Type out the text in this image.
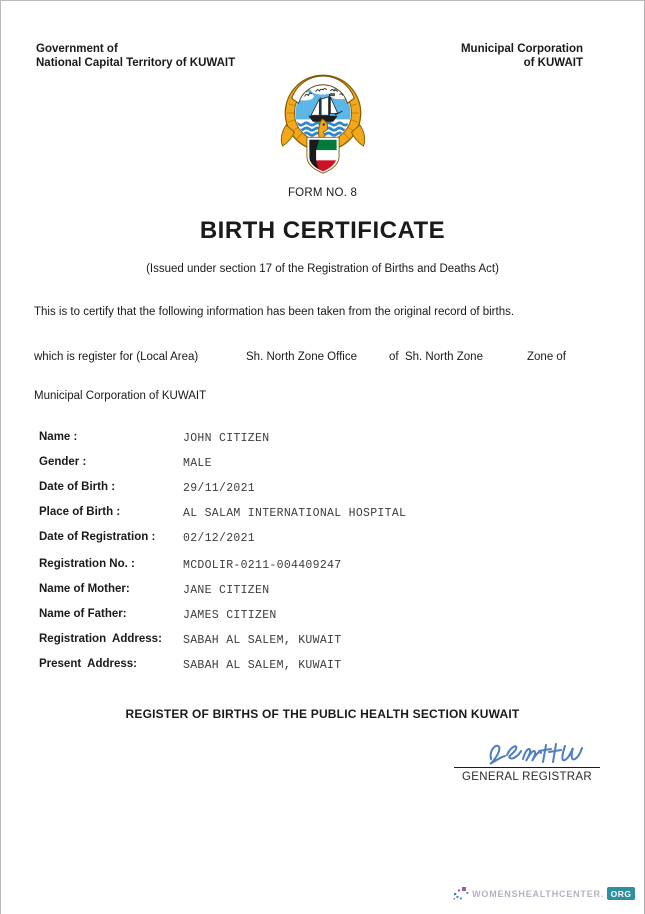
Government of
National Capital Territory of KUWAIT
Municipal Corporation
of KUWAIT
FORM NO. 8
BIRTH CERTIFICATE
(Issued under section 17 of the Registration of Births and Deaths Act)
This is to certify that the following information has been taken from the original record of births.
which is register for (Local Area)	Sh. North Zone Office	of  Sh. North Zone	Zone of
Municipal Corporation of KUWAIT
Name :	JOHN CITIZEN
Gender :	MALE
Date of Birth :	29/11/2021
Place of Birth :	AL SALAM INTERNATIONAL HOSPITAL
Date of Registration : 02/12/2021
Registration No. :	MCDOLIR-0211-004409247
Name of Mother:	JANE CITIZEN
Name of Father:	JAMES CITIZEN
Registration  Address: SABAH AL SALEM, KUWAIT
Present  Address:	SABAH AL SALEM, KUWAIT
REGISTER OF BIRTHS OF THE PUBLIC HEALTH SECTION KUWAIT
GENERAL REGISTRAR
WOMENSHEALTHCENTER. ORG
